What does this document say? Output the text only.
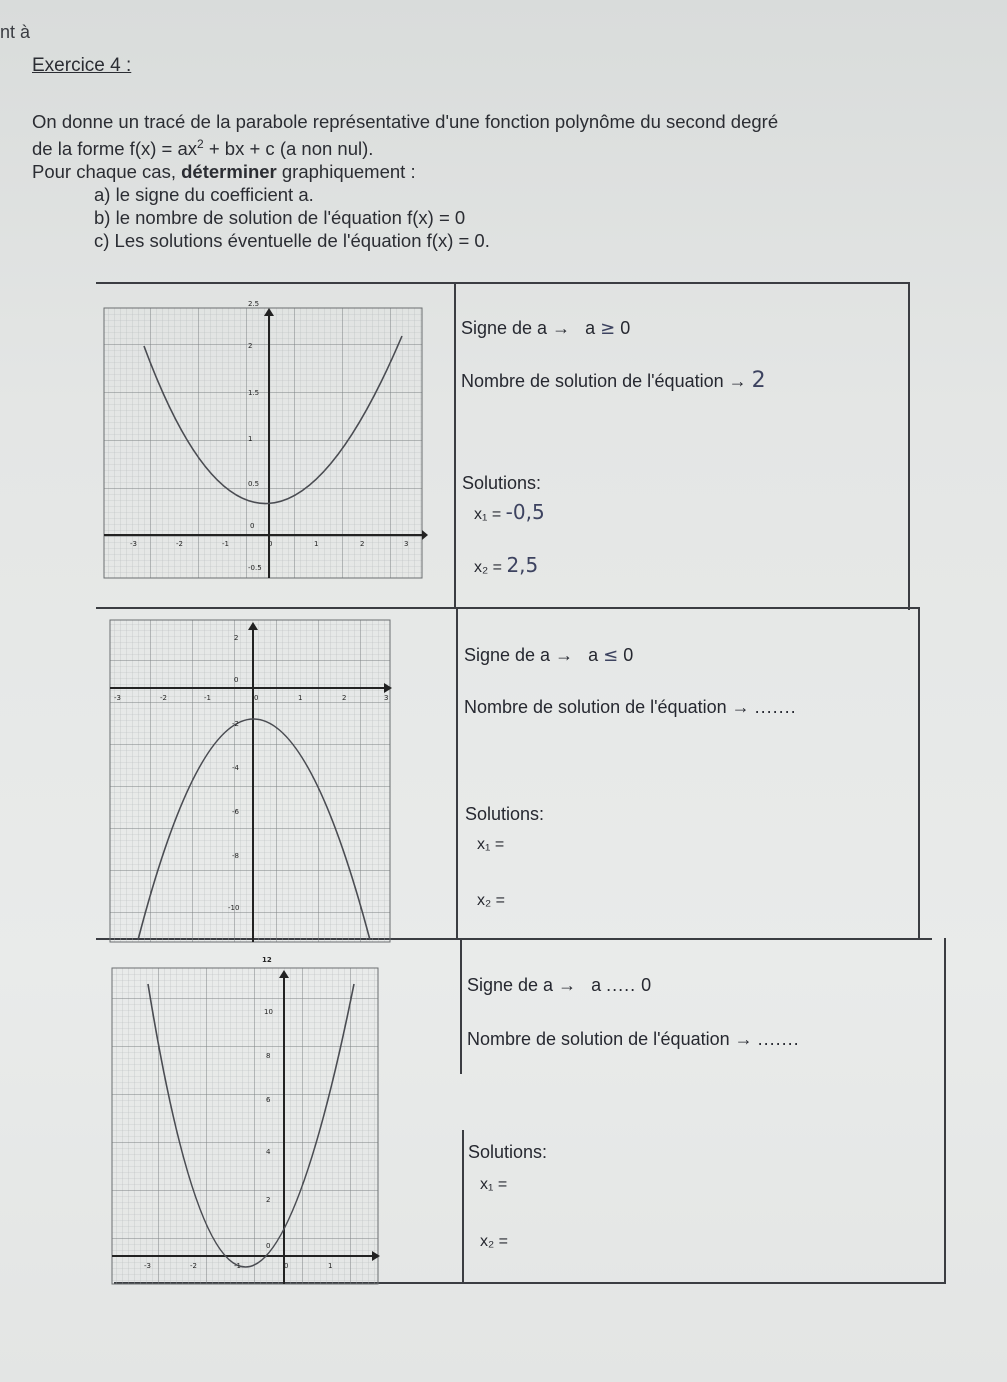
nt à
Exercice 4 :

On donne un tracé de la parabole représentative d'une fonction polynôme du second degré

de la forme $f(x) = ax^2$ + bx + c (a non nul).

Pour chaque cas, déterminer graphiquement :

a) le signe du coefficient a.

b) le nombre de solution de l'équation f(x) = 0

c) Les solutions éventuelle de l'équation f(x) = 0.

2.5
2
1.5
1
0.5
0
-0.5
-3	-2	-1	0	1	2	3
Signe de a → a ≥ 0
Nombre de solution de l'équation → 2
Solutions:
x₁ = -0,5
x₂ = 2,5
2
0
-2
-4
-6
-8
-10
-3	-2	-1	0	1	2	3
Signe de a → a ≤ 0
Nombre de solution de l'équation → .......
Solutions:
x₁ =
x₂ =
12
10
8
6
4
2
0
-3	-2	-1	0	1
Signe de a → a ..... 0
Nombre de solution de l'équation → .......
Solutions:
x₁ =
x₂ =
